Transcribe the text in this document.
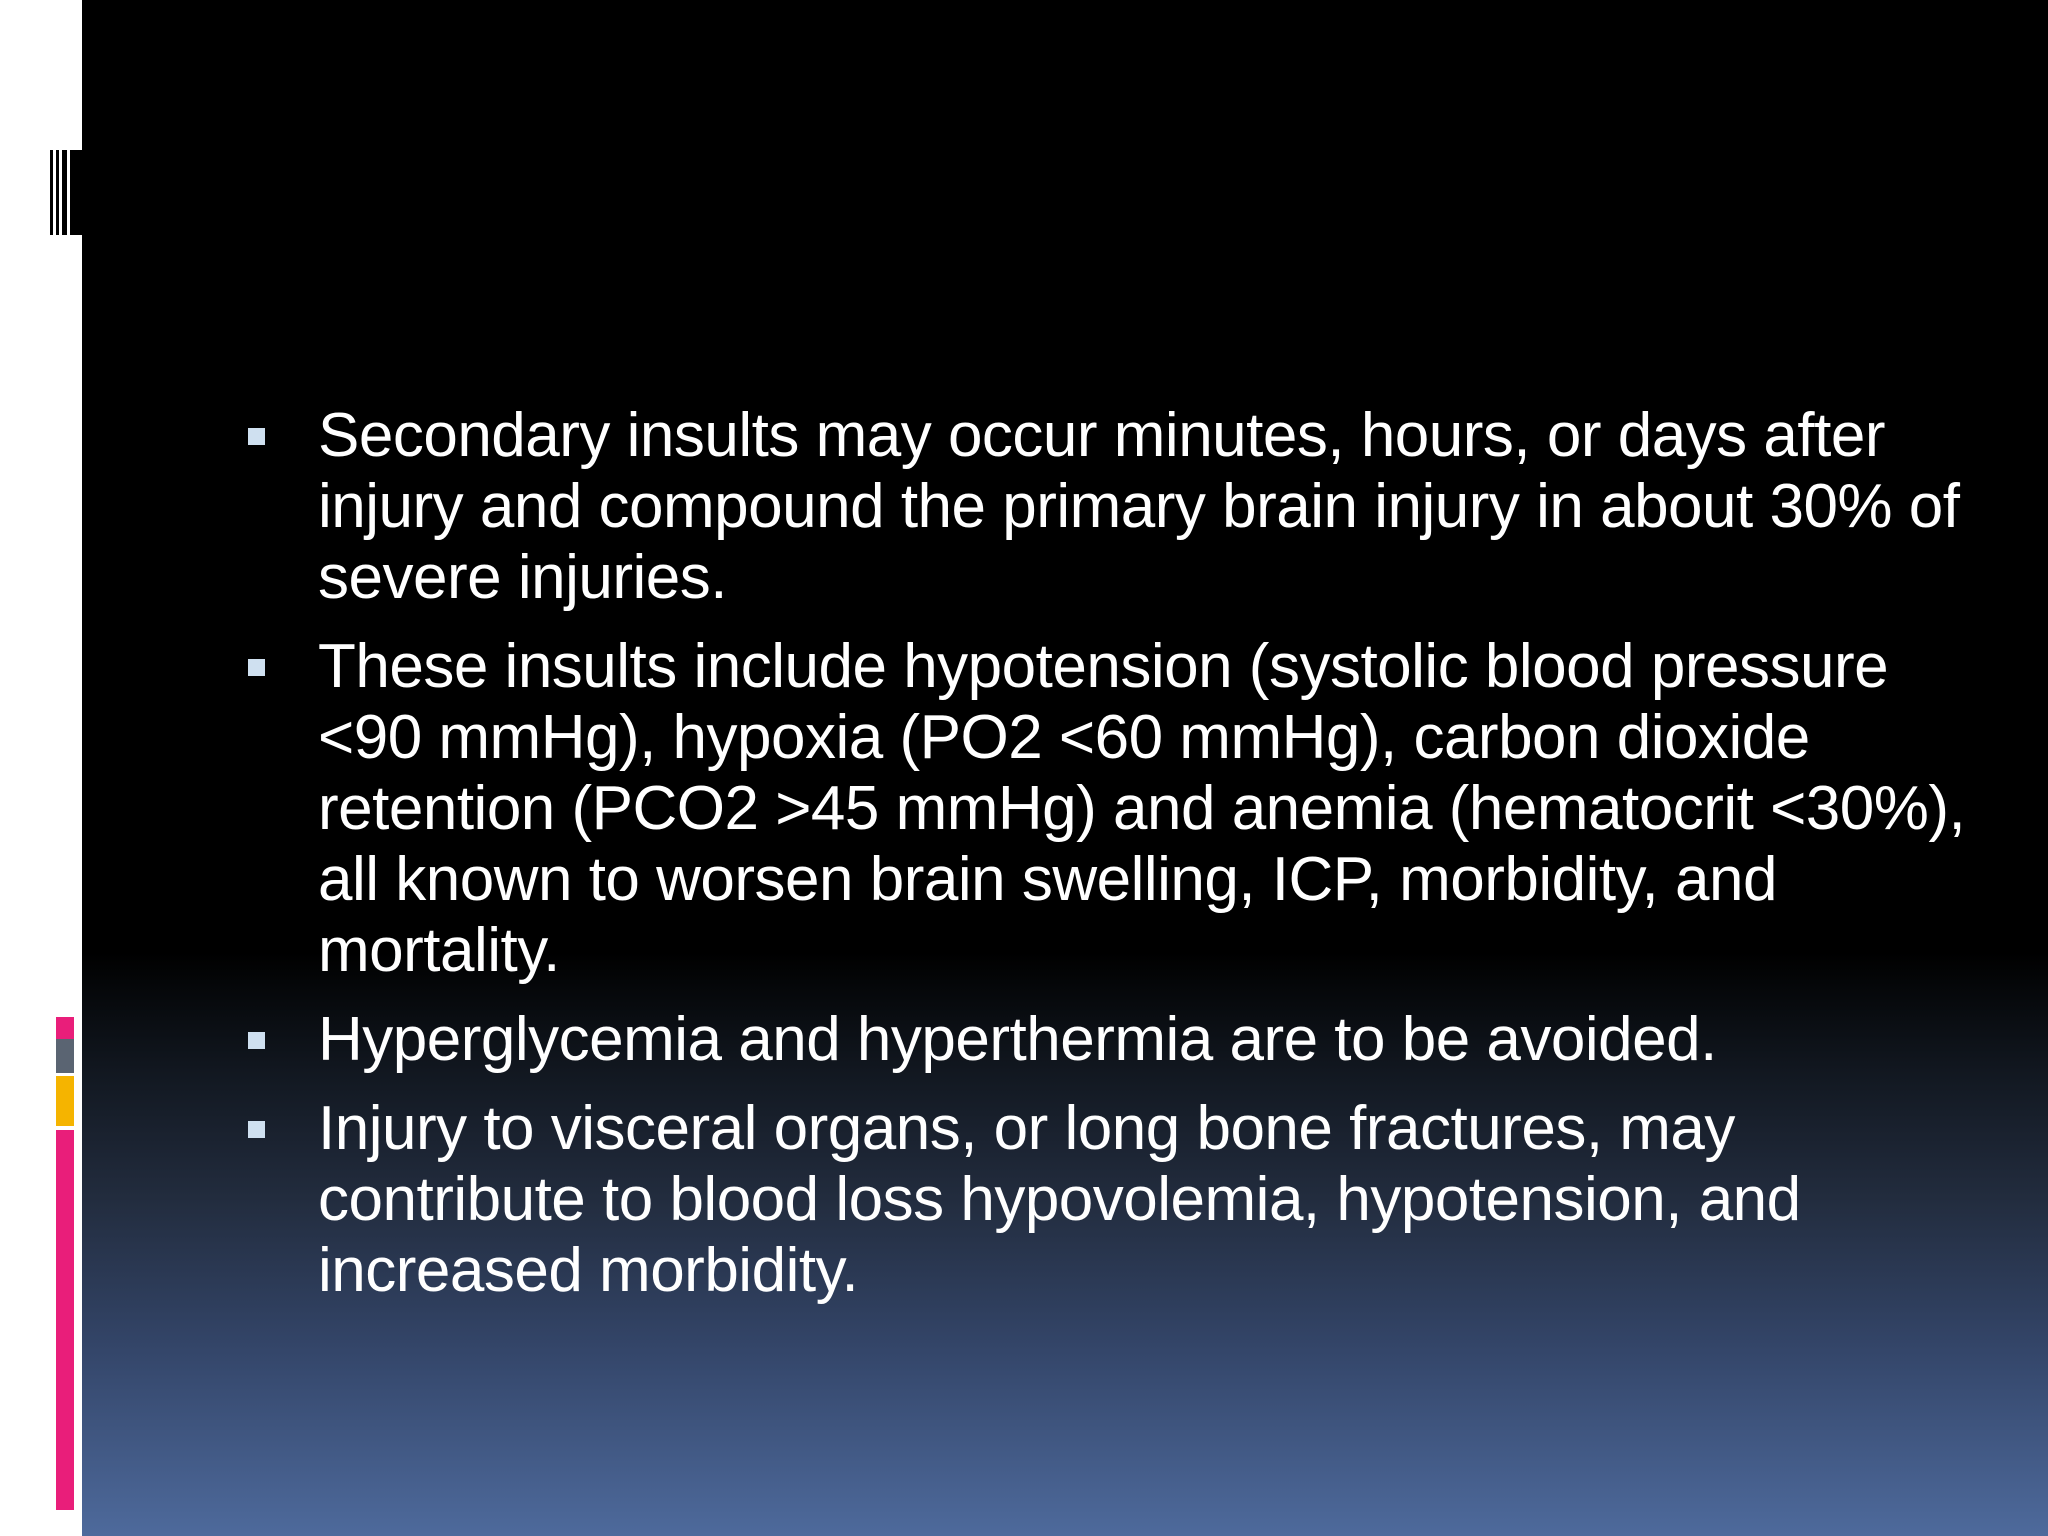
Secondary insults may occur minutes, hours, or days after injury and compound the primary brain injury in about 30% of severe injuries.
These insults include hypotension (systolic blood pressure <90 mmHg), hypoxia (PO2 <60 mmHg), carbon dioxide retention (PCO2 >45 mmHg) and anemia (hematocrit <30%), all known to worsen brain swelling, ICP, morbidity, and mortality.
Hyperglycemia and hyperthermia are to be avoided.
Injury to visceral organs, or long bone fractures, may contribute to blood loss hypovolemia, hypotension, and increased morbidity.
